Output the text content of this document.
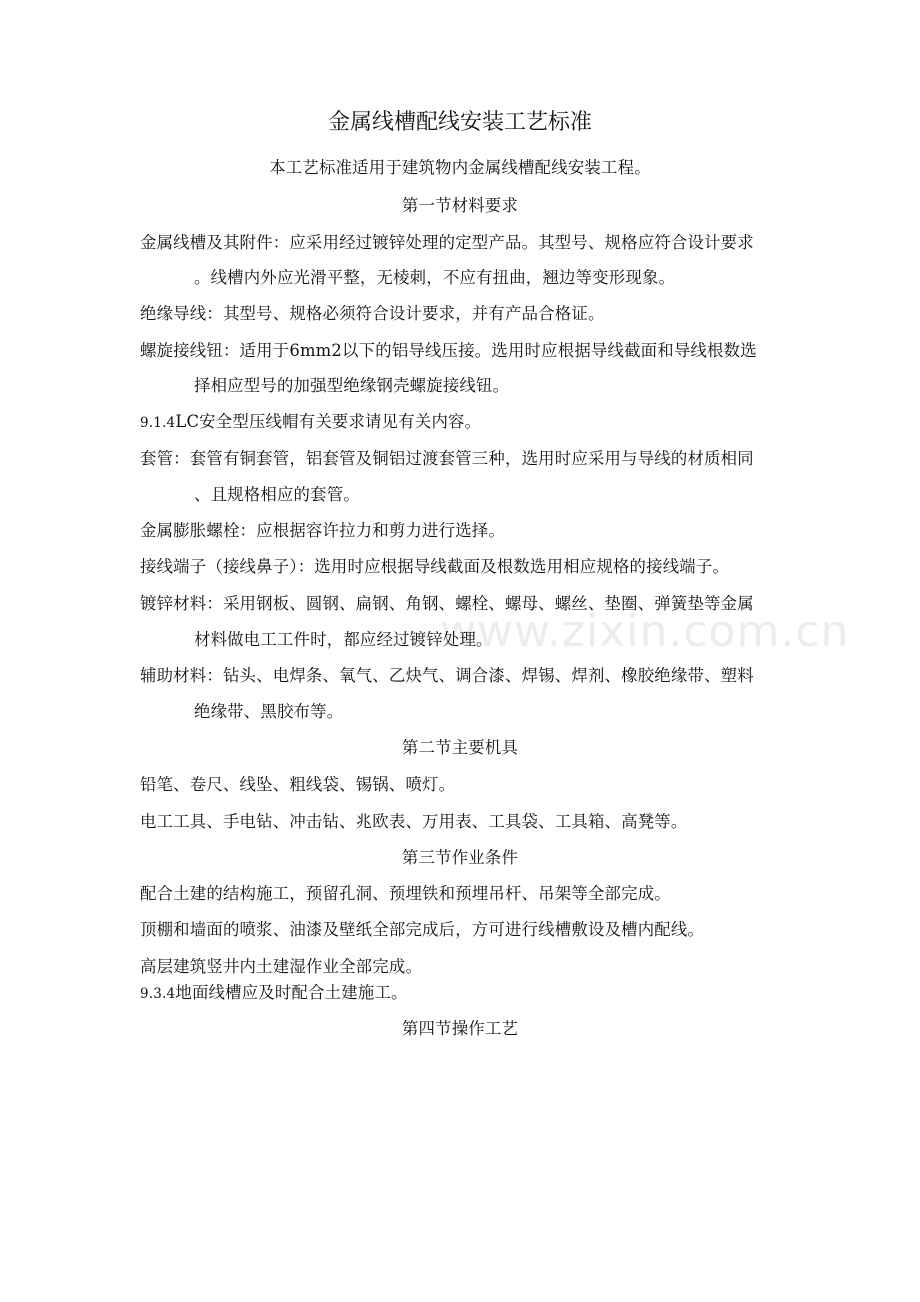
www.zixin.com.cn
金属线槽配线安装工艺标准
本工艺标准适用于建筑物内金属线槽配线安装工程。
第一节材料要求
金属线槽及其附件：应采用经过镀锌处理的定型产品。其型号、规格应符合设计要求
。线槽内外应光滑平整，无棱刺，不应有扭曲，翘边等变形现象。
绝缘导线：其型号、规格必须符合设计要求，并有产品合格证。
螺旋接线钮：适用于6mm2以下的铝导线压接。选用时应根据导线截面和导线根数选
择相应型号的加强型绝缘钢壳螺旋接线钮。
9.1.4LC安全型压线帽有关要求请见有关内容。
套管：套管有铜套管，铝套管及铜铝过渡套管三种，选用时应采用与导线的材质相同
、且规格相应的套管。
金属膨胀螺栓：应根据容许拉力和剪力进行选择。
接线端子（接线鼻子）：选用时应根据导线截面及根数选用相应规格的接线端子。
镀锌材料：采用钢板、圆钢、扁钢、角钢、螺栓、螺母、螺丝、垫圈、弹簧垫等金属
材料做电工工件时，都应经过镀锌处理。
辅助材料：钻头、电焊条、氧气、乙炔气、调合漆、焊锡、焊剂、橡胶绝缘带、塑料
绝缘带、黑胶布等。
第二节主要机具
铅笔、卷尺、线坠、粗线袋、锡锅、喷灯。
电工工具、手电钻、冲击钻、兆欧表、万用表、工具袋、工具箱、高凳等。
第三节作业条件
配合土建的结构施工，预留孔洞、预埋铁和预埋吊杆、吊架等全部完成。
顶棚和墙面的喷浆、油漆及壁纸全部完成后，方可进行线槽敷设及槽内配线。
高层建筑竖井内土建湿作业全部完成。
9.3.4地面线槽应及时配合土建施工。
第四节操作工艺
